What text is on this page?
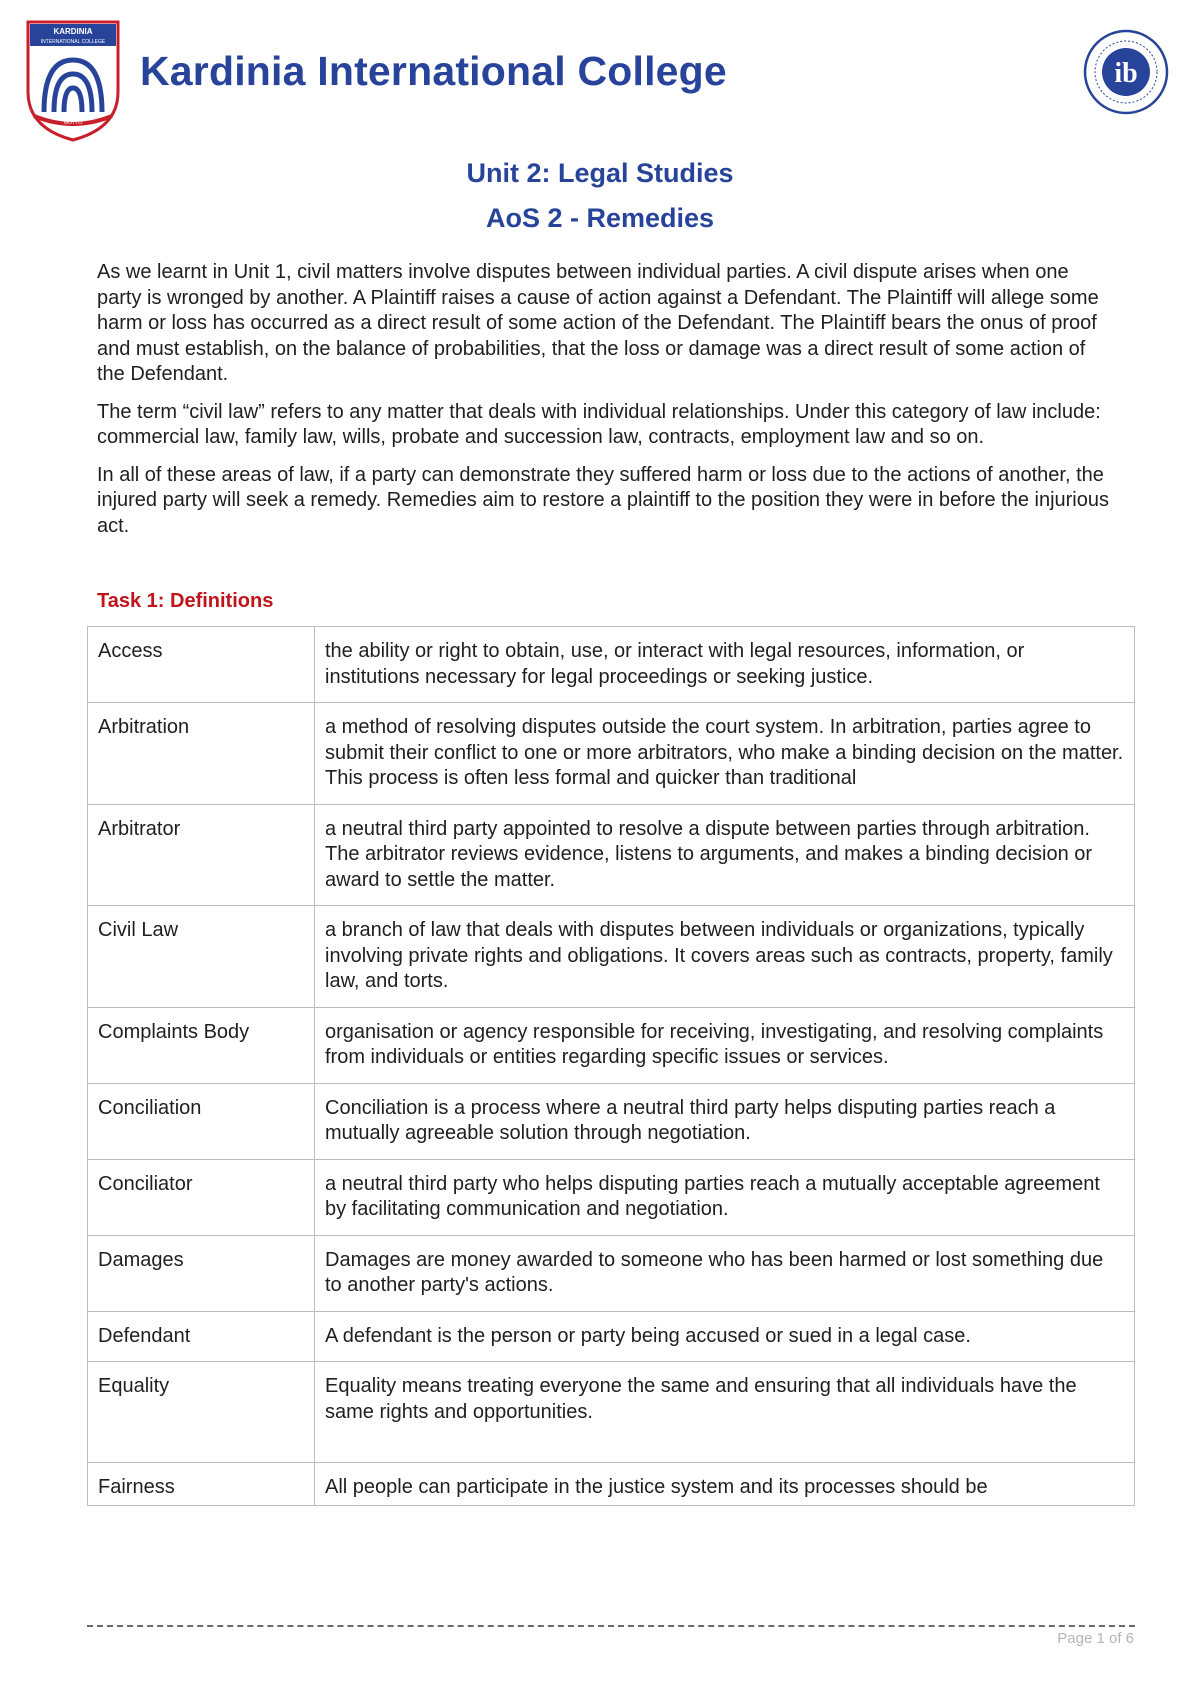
KARDINIA
INTERNATIONAL COLLEGE
MOTTO
Kardinia International College	ib
Unit 2: Legal Studies
AoS 2 - Remedies

As we learnt in Unit 1, civil matters involve disputes between individual parties. A civil dispute arises when one party is wronged by another. A Plaintiff raises a cause of action against a Defendant. The Plaintiff will allege some harm or loss has occurred as a direct result of some action of the Defendant. The Plaintiff bears the onus of proof and must establish, on the balance of probabilities, that the loss or damage was a direct result of some action of the Defendant.

The term “civil law” refers to any matter that deals with individual relationships. Under this category of law include: commercial law, family law, wills, probate and succession law, contracts, employment law and so on.

In all of these areas of law, if a party can demonstrate they suffered harm or loss due to the actions of another, the injured party will seek a remedy. Remedies aim to restore a plaintiff to the position they were in before the injurious act.

Task 1: Definitions
Access	the ability or right to obtain, use, or interact with legal resources, information, or institutions necessary for legal proceedings or seeking justice.
Arbitration	a method of resolving disputes outside the court system. In arbitration, parties agree to submit their conflict to one or more arbitrators, who make a binding decision on the matter. This process is often less formal and quicker than traditional
Arbitrator	a neutral third party appointed to resolve a dispute between parties through arbitration. The arbitrator reviews evidence, listens to arguments, and makes a binding decision or award to settle the matter.
Civil Law	a branch of law that deals with disputes between individuals or organizations, typically involving private rights and obligations. It covers areas such as contracts, property, family law, and torts.
Complaints Body	organisation or agency responsible for receiving, investigating, and resolving complaints from individuals or entities regarding specific issues or services.
Conciliation	Conciliation is a process where a neutral third party helps disputing parties reach a mutually agreeable solution through negotiation.
Conciliator	a neutral third party who helps disputing parties reach a mutually acceptable agreement by facilitating communication and negotiation.
Damages	Damages are money awarded to someone who has been harmed or lost something due to another party's actions.
Defendant	A defendant is the person or party being accused or sued in a legal case.
Equality	Equality means treating everyone the same and ensuring that all individuals have the same rights and opportunities.
Fairness	All people can participate in the justice system and its processes should be
Page 1 of 6
